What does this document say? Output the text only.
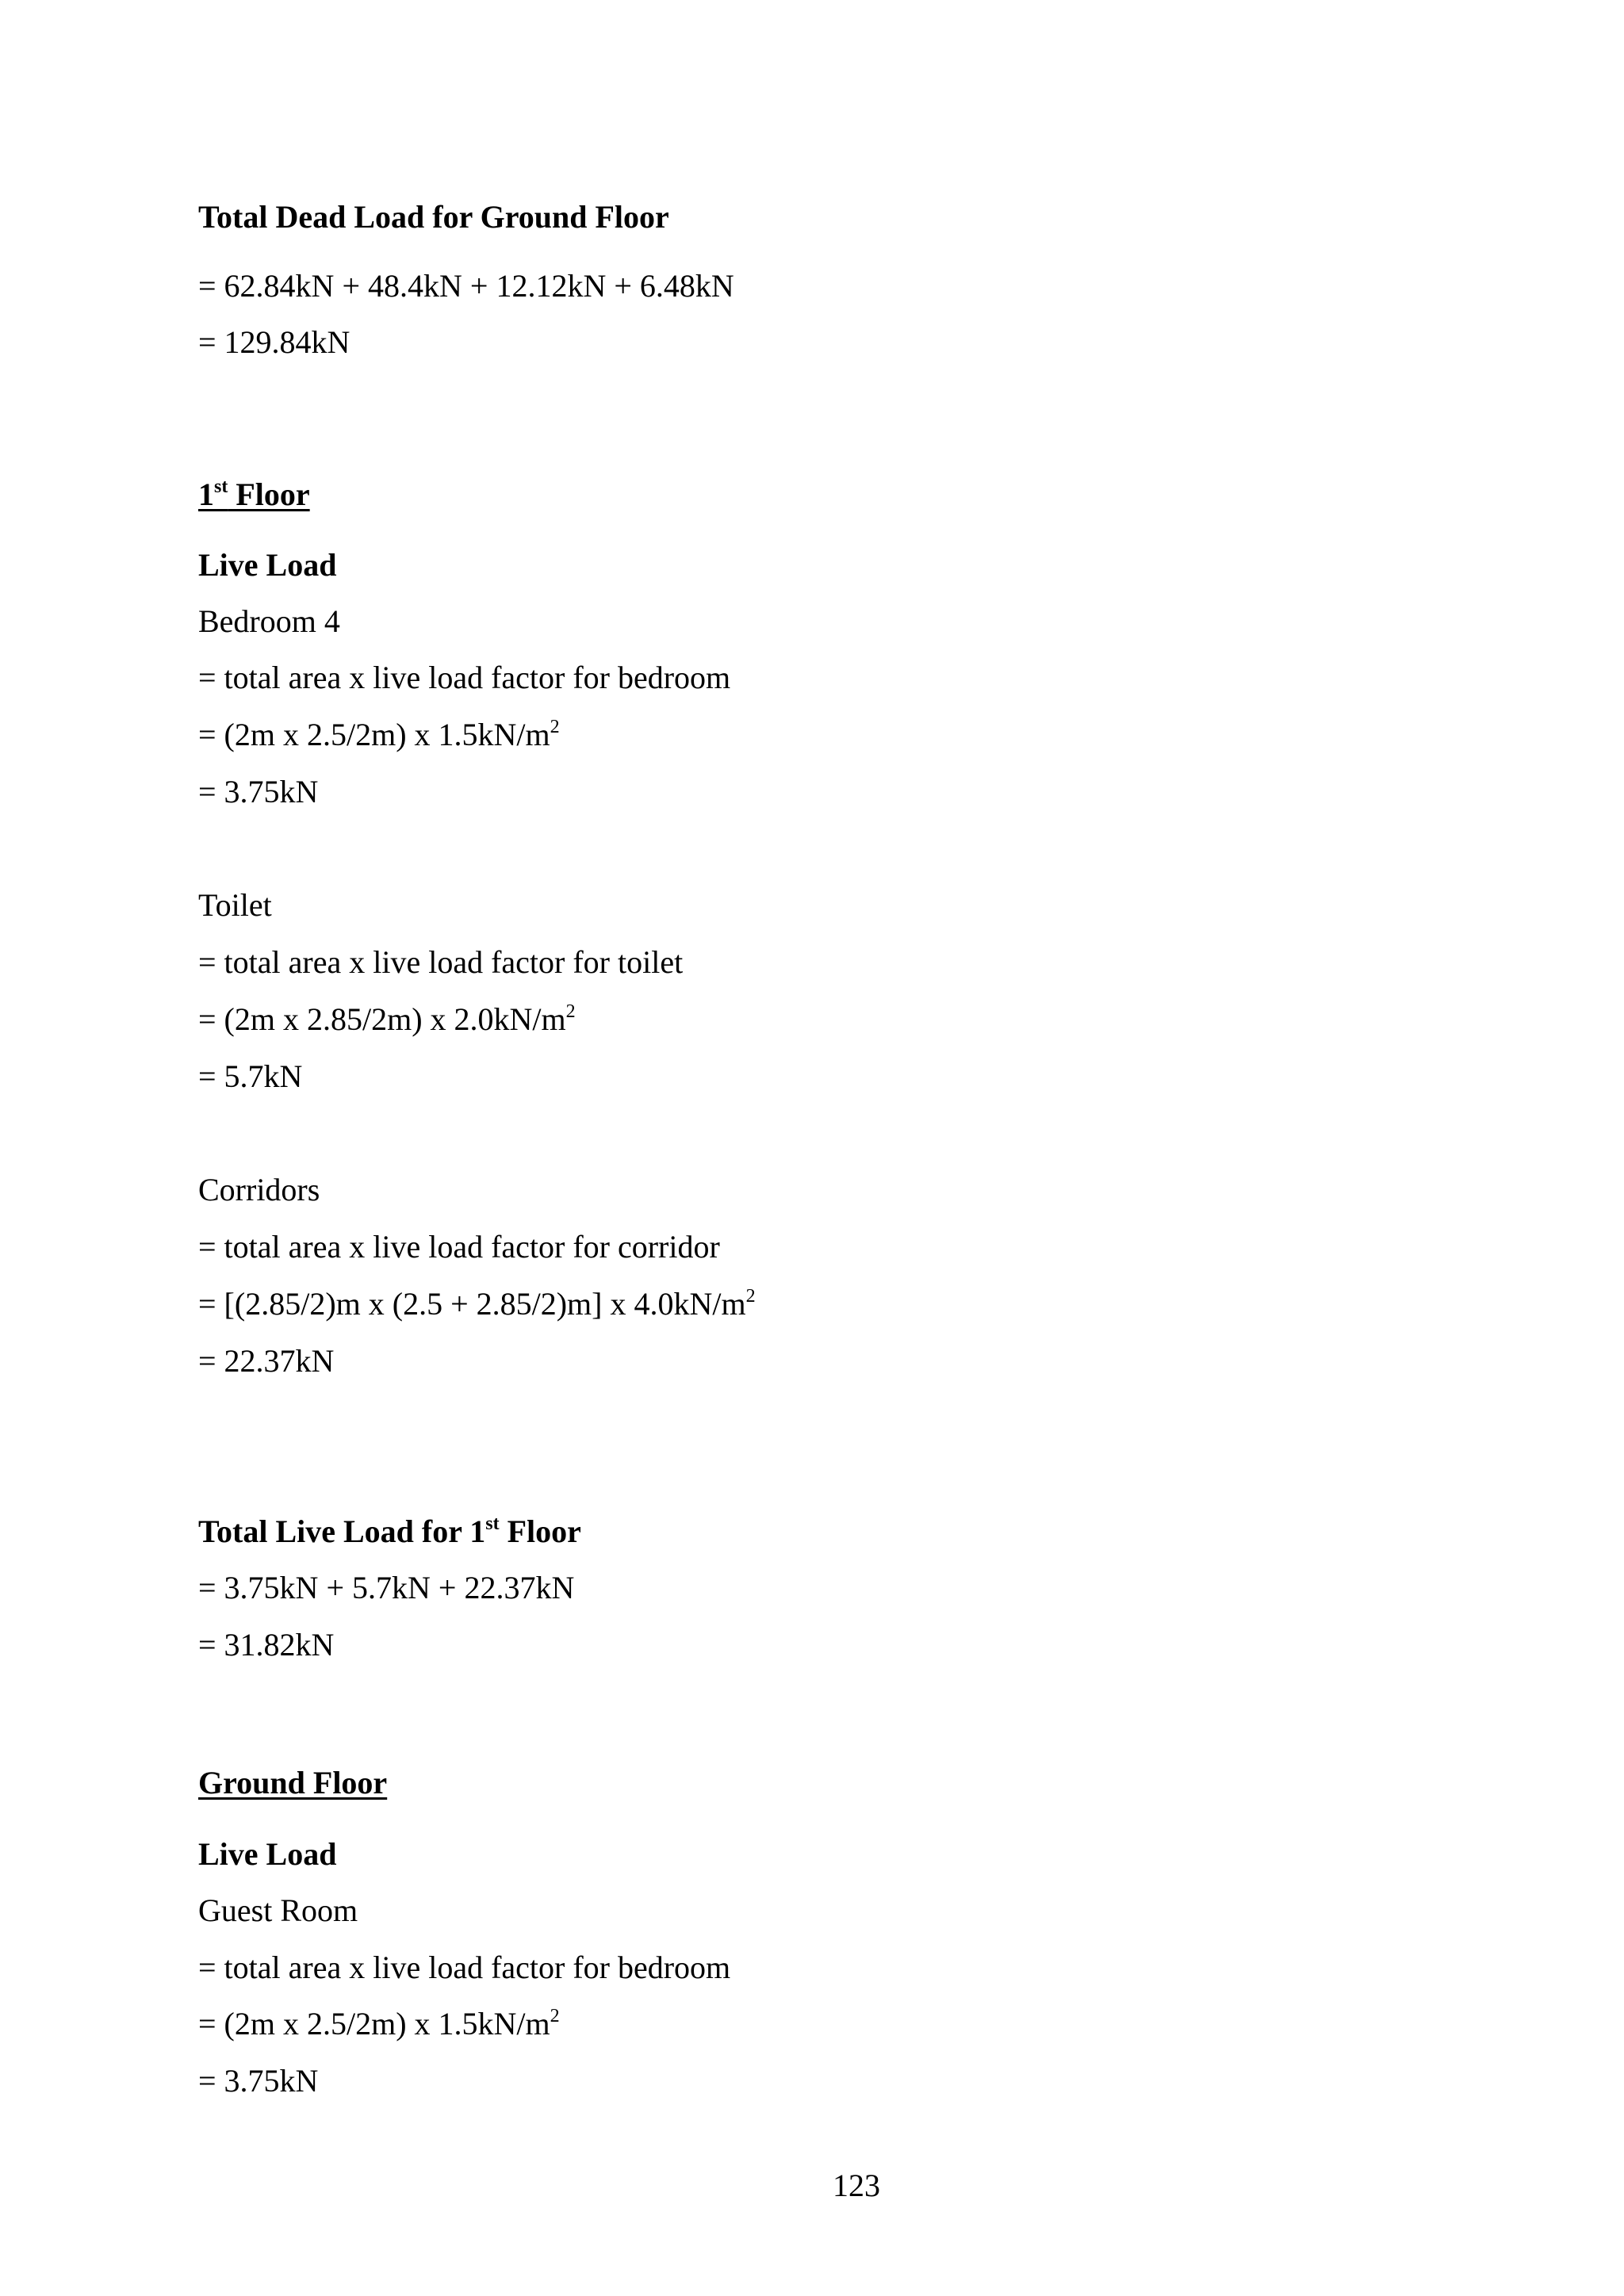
Total Dead Load for Ground Floor
= 62.84kN + 48.4kN + 12.12kN + 6.48kN
= 129.84kN
1st Floor
Live Load
Bedroom 4
= total area x live load factor for bedroom
= (2m x 2.5/2m) x $1.5kN/m^2$
= 3.75kN
Toilet
= total area x live load factor for toilet
= (2m x 2.85/2m) x $2.0kN/m^2$
= 5.7kN
Corridors
= total area x live load factor for corridor
= [(2.85/2)m x (2.5 + 2.85/2)m] x $4.0kN/m^2$
= 22.37kN
Total Live Load for 1st Floor
= 3.75kN + 5.7kN + 22.37kN
= 31.82kN
Ground Floor
Live Load
Guest Room
= total area x live load factor for bedroom
= (2m x 2.5/2m) x $1.5kN/m^2$
= 3.75kN
123
